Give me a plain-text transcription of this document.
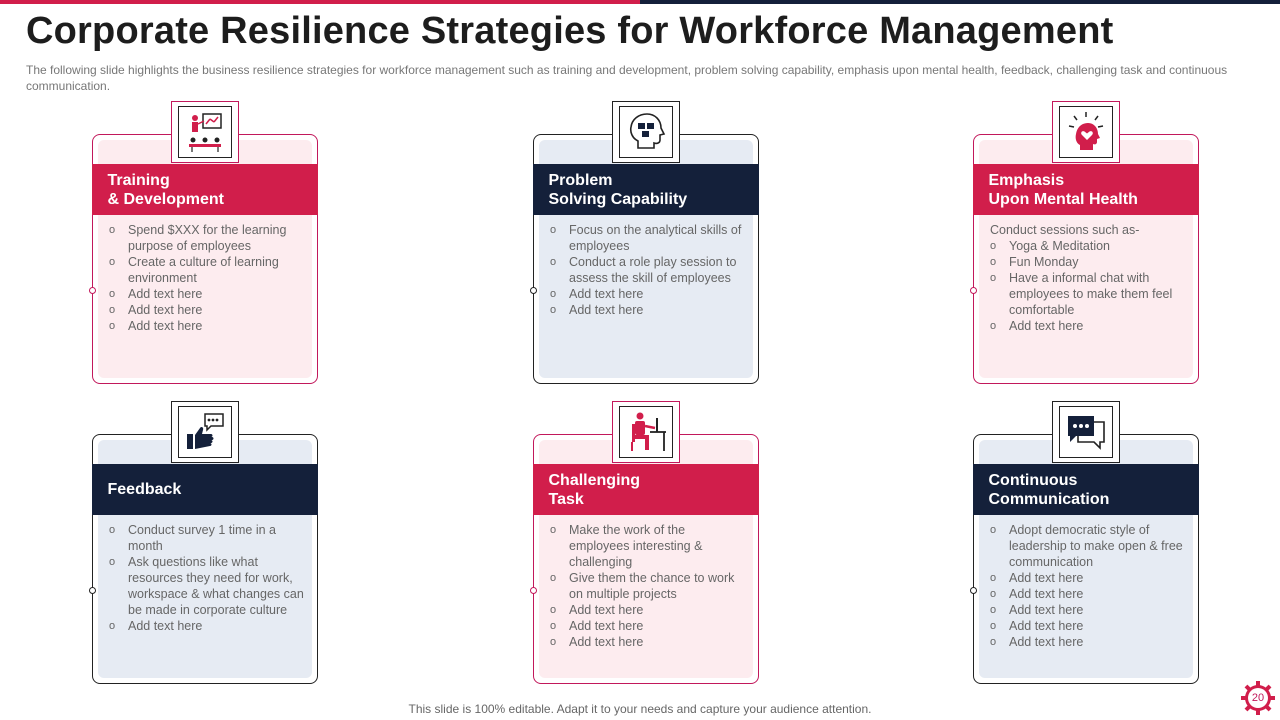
Corporate Resilience Strategies for Workforce Management

The following slide highlights the business resilience strategies for workforce management such as training and development, problem solving capability, emphasis upon mental health, feedback, challenging task and continuous communication.

Training
& Development
o Spend $XXX for the learning purpose of employees
o Create a culture of learning environment
o Add text here
o Add text here
o Add text here
Problem
Solving Capability
o Focus on the analytical skills of employees
o Conduct a role play session to assess the skill of employees
o Add text here
o Add text here
Emphasis
Upon Mental Health
Conduct sessions such as-
o Yoga & Meditation
o Fun Monday
o Have a informal chat with employees to make them feel comfortable
o Add text here
Feedback
o Conduct survey 1 time in a month
o Ask questions like what resources they need for work, workspace & what changes can be made in corporate culture
o Add text here
Challenging
Task
o Make the work of the employees interesting & challenging
o Give them the chance to work on multiple projects
o Add text here
o Add text here
o Add text here
Continuous
Communication
o Adopt democratic style of leadership to make open & free communication
o Add text here
o Add text here
o Add text here
o Add text here
o Add text here

This slide is 100% editable. Adapt it to your needs and capture your audience attention.

20
